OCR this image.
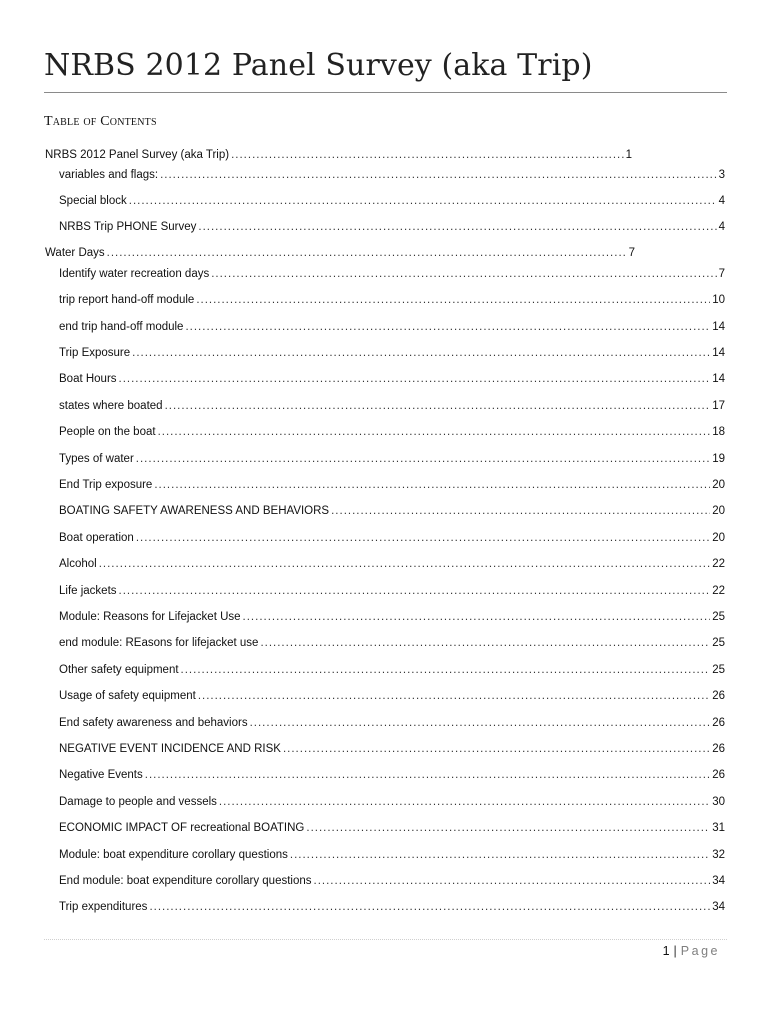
NRBS 2012 Panel Survey (aka Trip)
Table of Contents
NRBS 2012 Panel Survey (aka Trip) .....	1
variables and flags: .....	3
Special block .....	4
NRBS Trip PHONE Survey .....	4
Water Days .....	7
Identify water recreation days .....	7
trip report hand-off module .....	10
end trip hand-off module .....	14
Trip Exposure .....	14
Boat Hours .....	14
states where boated .....	17
People on the boat .....	18
Types of water .....	19
End Trip exposure .....	20
BOATING SAFETY AWARENESS AND BEHAVIORS .....	20
Boat operation .....	20
Alcohol .....	22
Life jackets .....	22
Module: Reasons for Lifejacket Use .....	25
end module: REasons for lifejacket use .....	25
Other safety equipment .....	25
Usage of safety equipment .....	26
End safety awareness and behaviors .....	26
NEGATIVE EVENT INCIDENCE AND RISK .....	26
Negative Events .....	26
Damage to people and vessels .....	30
ECONOMIC IMPACT OF recreational BOATING .....	31
Module: boat expenditure corollary questions .....	32
End module: boat expenditure corollary questions .....	34
Trip expenditures .....	34
1 | Page
